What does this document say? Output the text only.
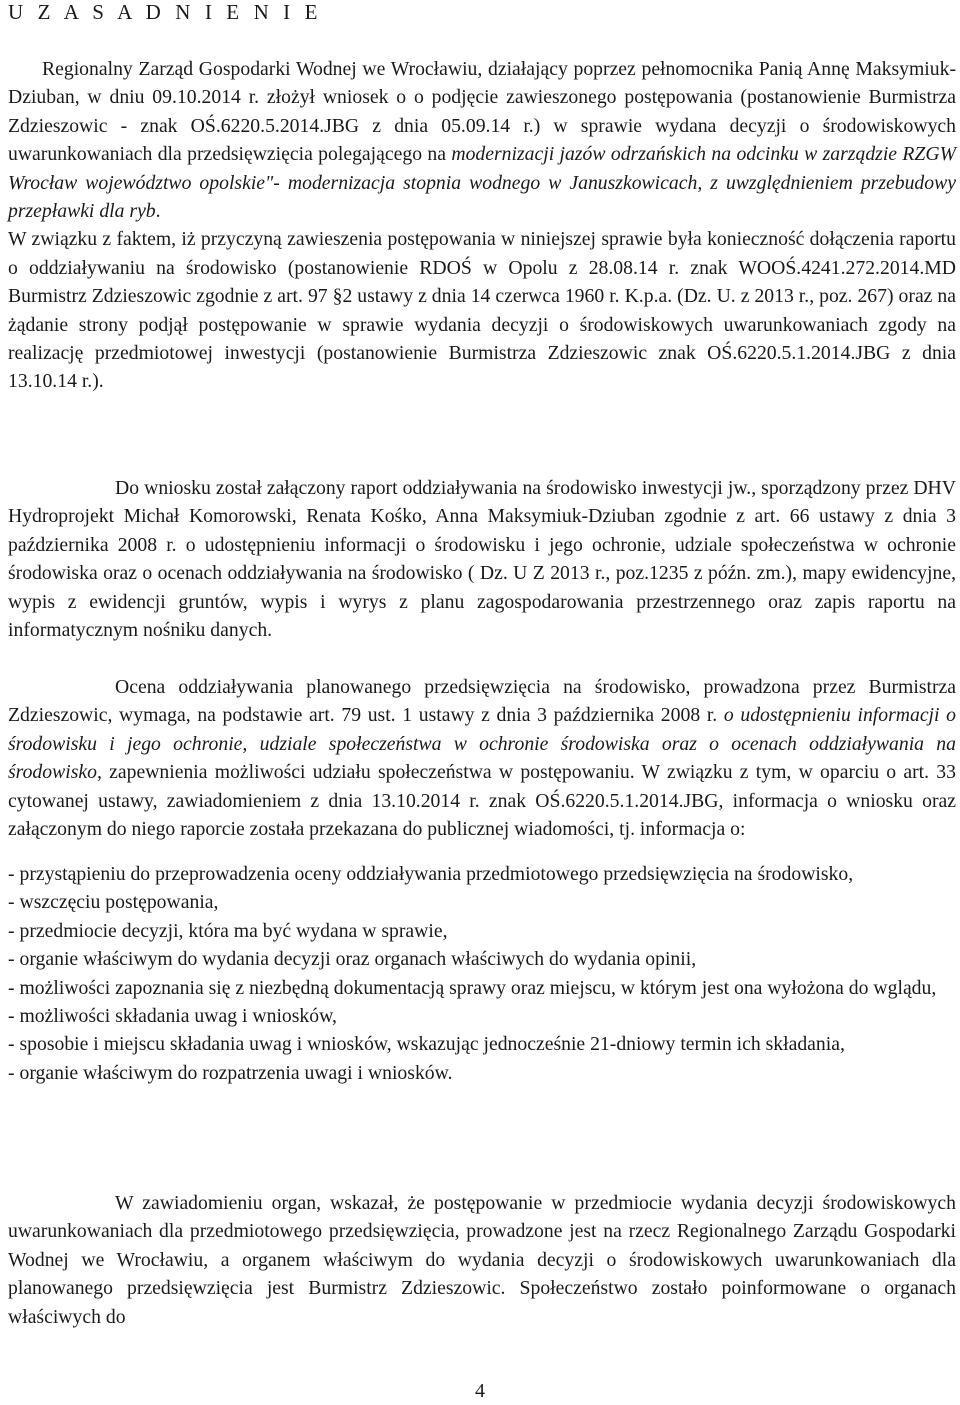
U Z A S A D N I E N I E

Regionalny Zarząd Gospodarki Wodnej we Wrocławiu, działający poprzez pełnomocnika Panią Annę Maksymiuk-Dziuban, w dniu 09.10.2014 r. złożył wniosek o o podjęcie zawieszonego postępowania (postanowienie Burmistrza Zdzieszowic - znak OŚ.6220.5.2014.JBG z dnia 05.09.14 r.) w sprawie wydana decyzji o środowiskowych uwarunkowaniach dla przedsięwzięcia polegającego na modernizacji jazów odrzańskich na odcinku w zarządzie RZGW Wrocław województwo opolskie"- modernizacja stopnia wodnego w Januszkowicach, z uwzględnieniem przebudowy przepławki dla ryb.
W związku z faktem, iż przyczyną zawieszenia postępowania w niniejszej sprawie była konieczność dołączenia raportu o oddziaływaniu na środowisko (postanowienie RDOŚ w Opolu z 28.08.14 r. znak WOOŚ.4241.272.2014.MD Burmistrz Zdzieszowic zgodnie z art. 97 §2 ustawy z dnia 14 czerwca 1960 r. K.p.a. (Dz. U. z 2013 r., poz. 267) oraz na żądanie strony podjął postępowanie w sprawie wydania decyzji o środowiskowych uwarunkowaniach zgody na realizację przedmiotowej inwestycji (postanowienie Burmistrza Zdzieszowic znak OŚ.6220.5.1.2014.JBG z dnia 13.10.14 r.).

Do wniosku został załączony raport oddziaływania na środowisko inwestycji jw., sporządzony przez DHV Hydroprojekt Michał Komorowski, Renata Kośko, Anna Maksymiuk-Dziuban zgodnie z art. 66 ustawy z dnia 3 października 2008 r. o udostępnieniu informacji o środowisku i jego ochronie, udziale społeczeństwa w ochronie środowiska oraz o ocenach oddziaływania na środowisko ( Dz. U Z 2013 r., poz.1235 z późn. zm.), mapy ewidencyjne, wypis z ewidencji gruntów, wypis i wyrys z planu zagospodarowania przestrzennego oraz zapis raportu na informatycznym nośniku danych.

Ocena oddziaływania planowanego przedsięwzięcia na środowisko, prowadzona przez Burmistrza Zdzieszowic, wymaga, na podstawie art. 79 ust. 1 ustawy z dnia 3 października 2008 r. o udostępnieniu informacji o środowisku i jego ochronie, udziale społeczeństwa w ochronie środowiska oraz o ocenach oddziaływania na środowisko, zapewnienia możliwości udziału społeczeństwa w postępowaniu. W związku z tym, w oparciu o art. 33 cytowanej ustawy, zawiadomieniem z dnia 13.10.2014 r. znak OŚ.6220.5.1.2014.JBG, informacja o wniosku oraz załączonym do niego raporcie została przekazana do publicznej wiadomości, tj. informacja o:

- przystąpieniu do przeprowadzenia oceny oddziaływania przedmiotowego przedsięwzięcia na środowisko,
- wszczęciu postępowania,
- przedmiocie decyzji, która ma być wydana w sprawie,
- organie właściwym do wydania decyzji oraz organach właściwych do wydania opinii,
- możliwości zapoznania się z niezbędną dokumentacją sprawy oraz miejscu, w którym jest ona wyłożona do wglądu,
- możliwości składania uwag i wniosków,
- sposobie i miejscu składania uwag i wniosków, wskazując jednocześnie 21-dniowy termin ich składania,
- organie właściwym do rozpatrzenia uwagi i wniosków.

W zawiadomieniu organ, wskazał, że postępowanie w przedmiocie wydania decyzji środowiskowych uwarunkowaniach dla przedmiotowego przedsięwzięcia, prowadzone jest na rzecz Regionalnego Zarządu Gospodarki Wodnej we Wrocławiu, a organem właściwym do wydania decyzji o środowiskowych uwarunkowaniach dla planowanego przedsięwzięcia jest Burmistrz Zdzieszowic. Społeczeństwo zostało poinformowane o organach właściwych do

4
